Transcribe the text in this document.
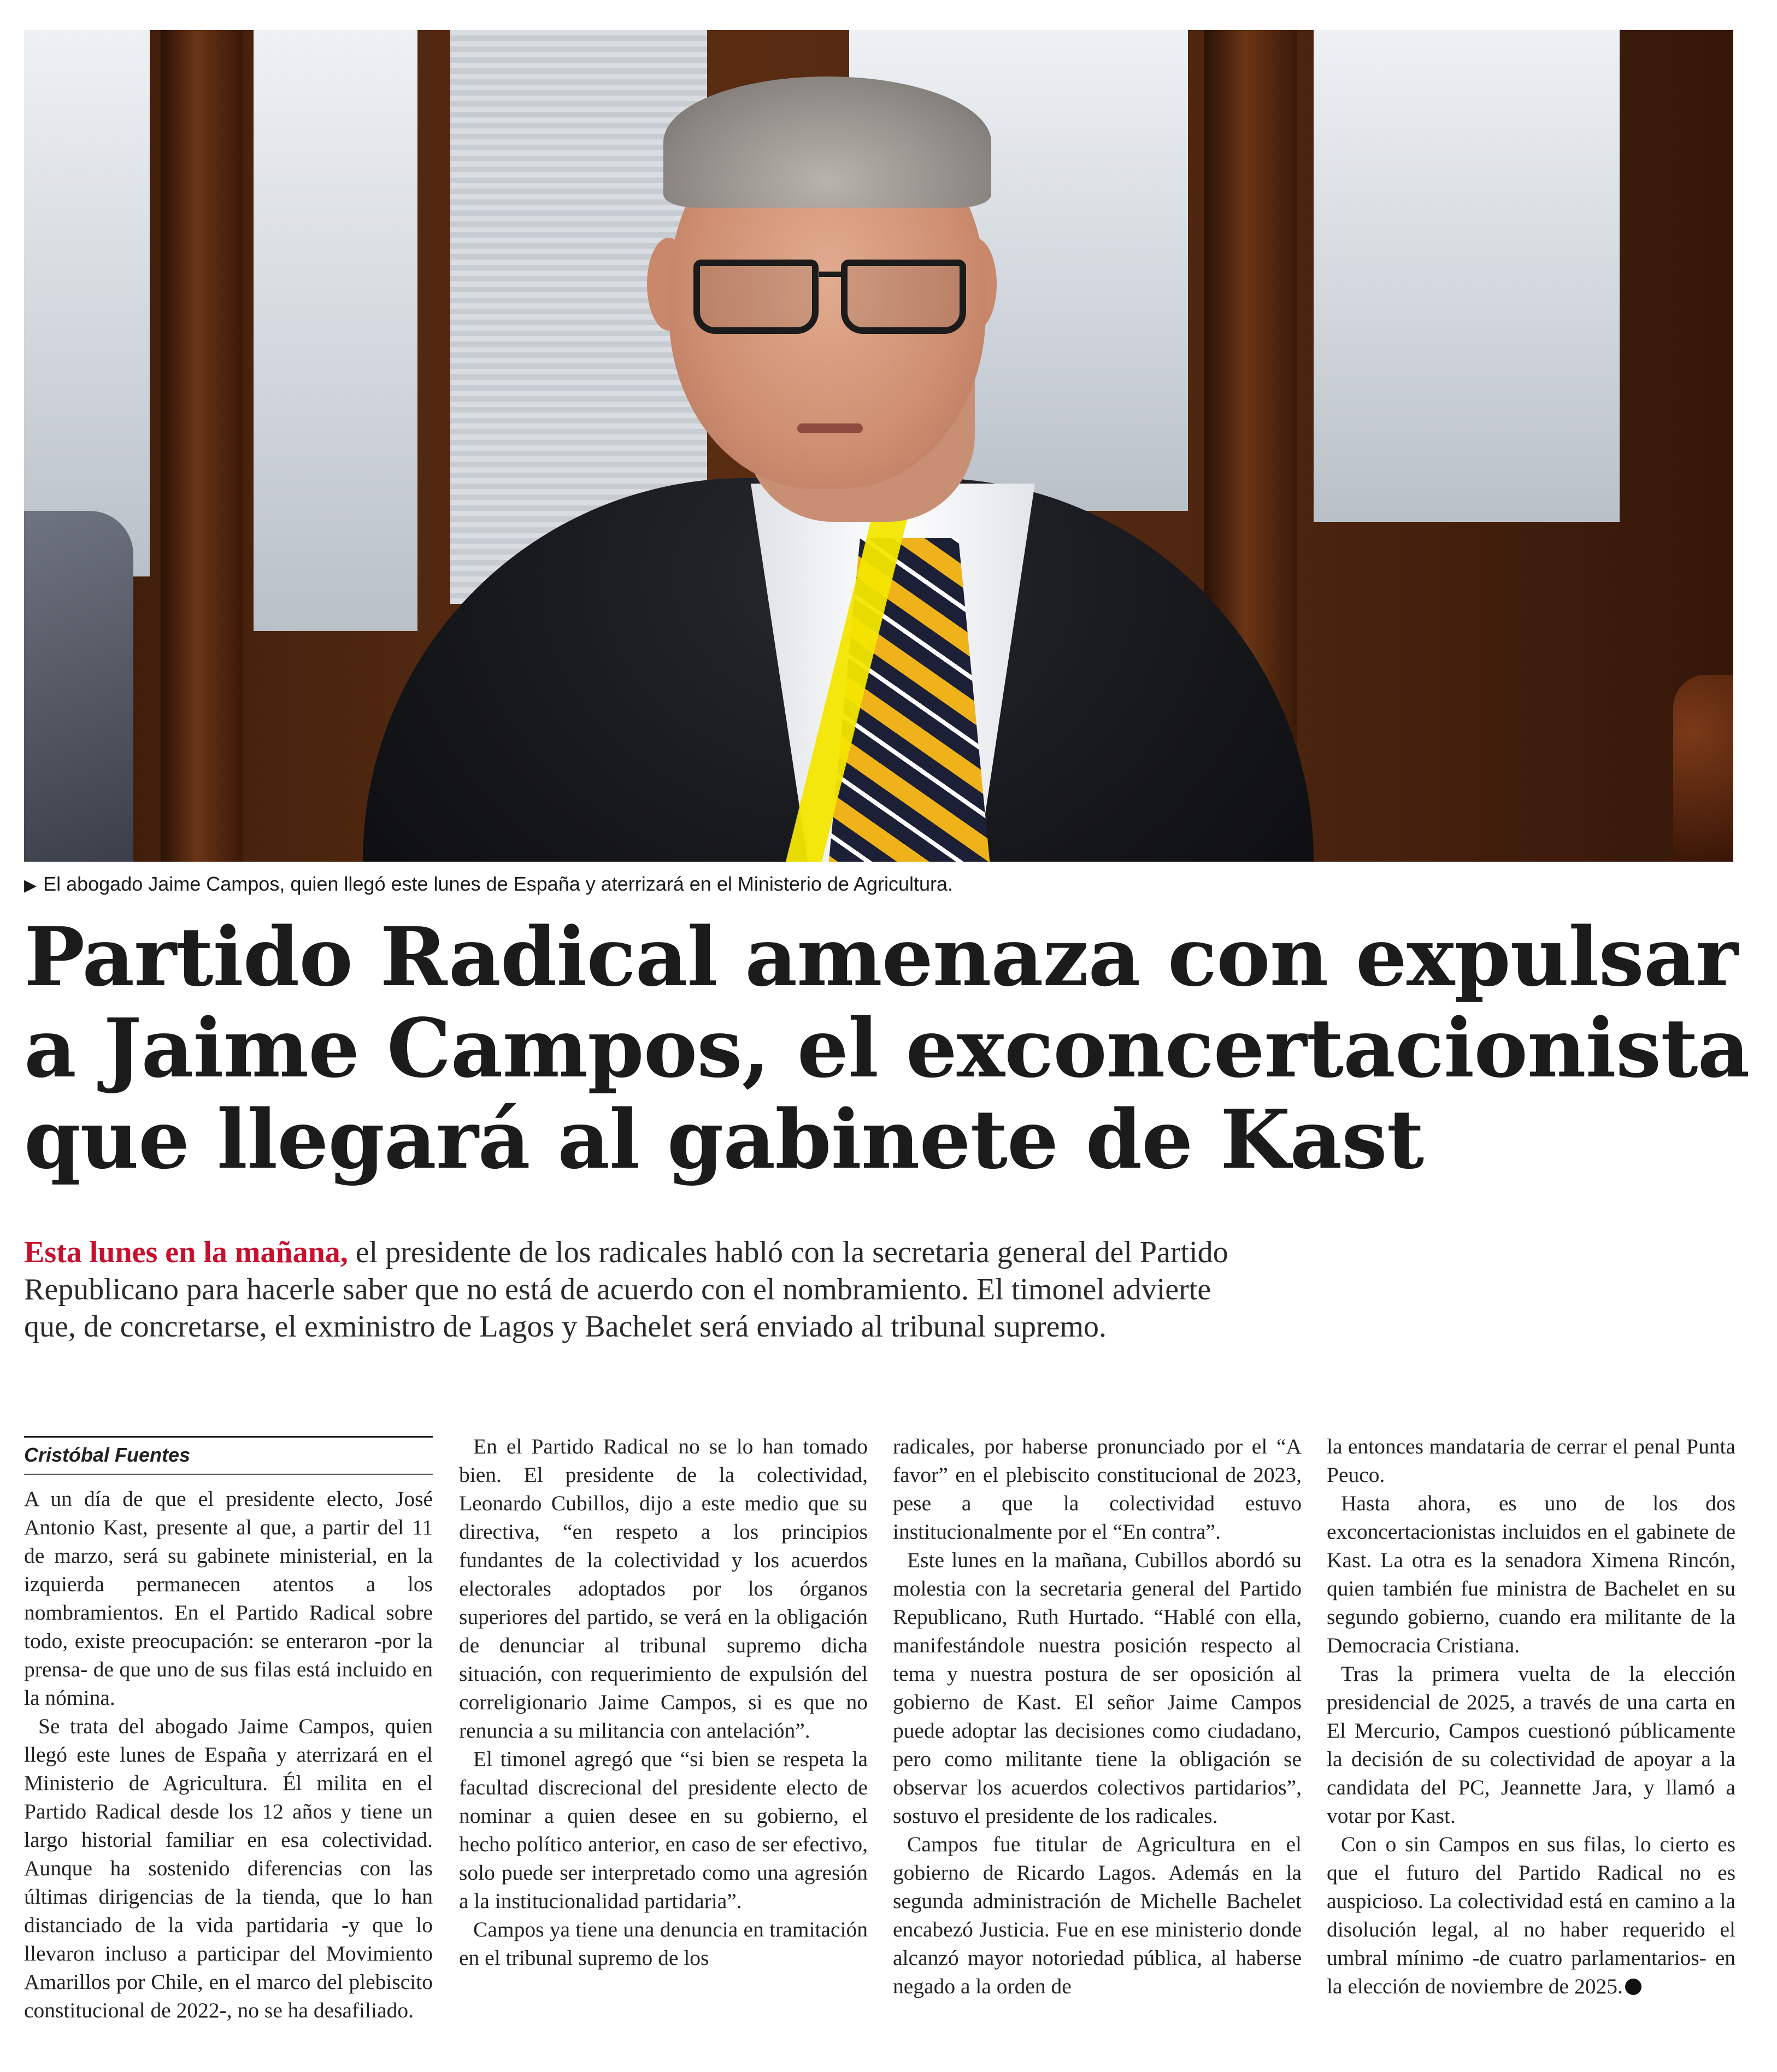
▶ El abogado Jaime Campos, quien llegó este lunes de España y aterrizará en el Ministerio de Agricultura.
Partido Radical amenaza con expulsar
a Jaime Campos, el exconcertacionista
que llegará al gabinete de Kast
Esta lunes en la mañana, el presidente de los radicales habló con la secretaria general del Partido
Republicano para hacerle saber que no está de acuerdo con el nombramiento. El timonel advierte
que, de concretarse, el exministro de Lagos y Bachelet será enviado al tribunal supremo.
Cristóbal Fuentes

A un día de que el presidente electo, José Antonio Kast, presente al que, a partir del 11 de marzo, será su gabinete ministerial, en la izquierda permanecen atentos a los nombramientos. En el Partido Radical sobre todo, existe preocupación: se enteraron -por la prensa- de que uno de sus filas está incluido en la nómina.

Se trata del abogado Jaime Campos, quien llegó este lunes de España y aterrizará en el Ministerio de Agricultura. Él milita en el Partido Radical desde los 12 años y tiene un largo historial familiar en esa colectividad. Aunque ha sostenido diferencias con las últimas dirigencias de la tienda, que lo han distanciado de la vida partidaria -y que lo llevaron incluso a participar del Movimiento Amarillos por Chile, en el marco del plebiscito constitucional de 2022-, no se ha desafiliado.

En el Partido Radical no se lo han tomado bien. El presidente de la colectividad, Leonardo Cubillos, dijo a este medio que su directiva, “en respeto a los principios fundantes de la colectividad y los acuerdos electorales adoptados por los órganos superiores del partido, se verá en la obligación de denunciar al tribunal supremo dicha situación, con requerimiento de expulsión del correligionario Jaime Campos, si es que no renuncia a su militancia con antelación”.

El timonel agregó que “si bien se respeta la facultad discrecional del presidente electo de nominar a quien desee en su gobierno, el hecho político anterior, en caso de ser efectivo, solo puede ser interpretado como una agresión a la institucionalidad partidaria”.

Campos ya tiene una denuncia en tramitación en el tribunal supremo de los

radicales, por haberse pronunciado por el “A favor” en el plebiscito constitucional de 2023, pese a que la colectividad estuvo institucionalmente por el “En contra”.

Este lunes en la mañana, Cubillos abordó su molestia con la secretaria general del Partido Republicano, Ruth Hurtado. “Hablé con ella, manifestándole nuestra posición respecto al tema y nuestra postura de ser oposición al gobierno de Kast. El señor Jaime Campos puede adoptar las decisiones como ciudadano, pero como militante tiene la obligación se observar los acuerdos colectivos partidarios”, sostuvo el presidente de los radicales.

Campos fue titular de Agricultura en el gobierno de Ricardo Lagos. Además en la segunda administración de Michelle Bachelet encabezó Justicia. Fue en ese ministerio donde alcanzó mayor notoriedad pública, al haberse negado a la orden de

la entonces mandataria de cerrar el penal Punta Peuco.

Hasta ahora, es uno de los dos exconcertacionistas incluidos en el gabinete de Kast. La otra es la senadora Ximena Rincón, quien también fue ministra de Bachelet en su segundo gobierno, cuando era militante de la Democracia Cristiana.

Tras la primera vuelta de la elección presidencial de 2025, a través de una carta en El Mercurio, Campos cuestionó públicamente la decisión de su colectividad de apoyar a la candidata del PC, Jeannette Jara, y llamó a votar por Kast.

Con o sin Campos en sus filas, lo cierto es que el futuro del Partido Radical no es auspicioso. La colectividad está en camino a la disolución legal, al no haber requerido el umbral mínimo -de cuatro parlamentarios- en la elección de noviembre de 2025.
